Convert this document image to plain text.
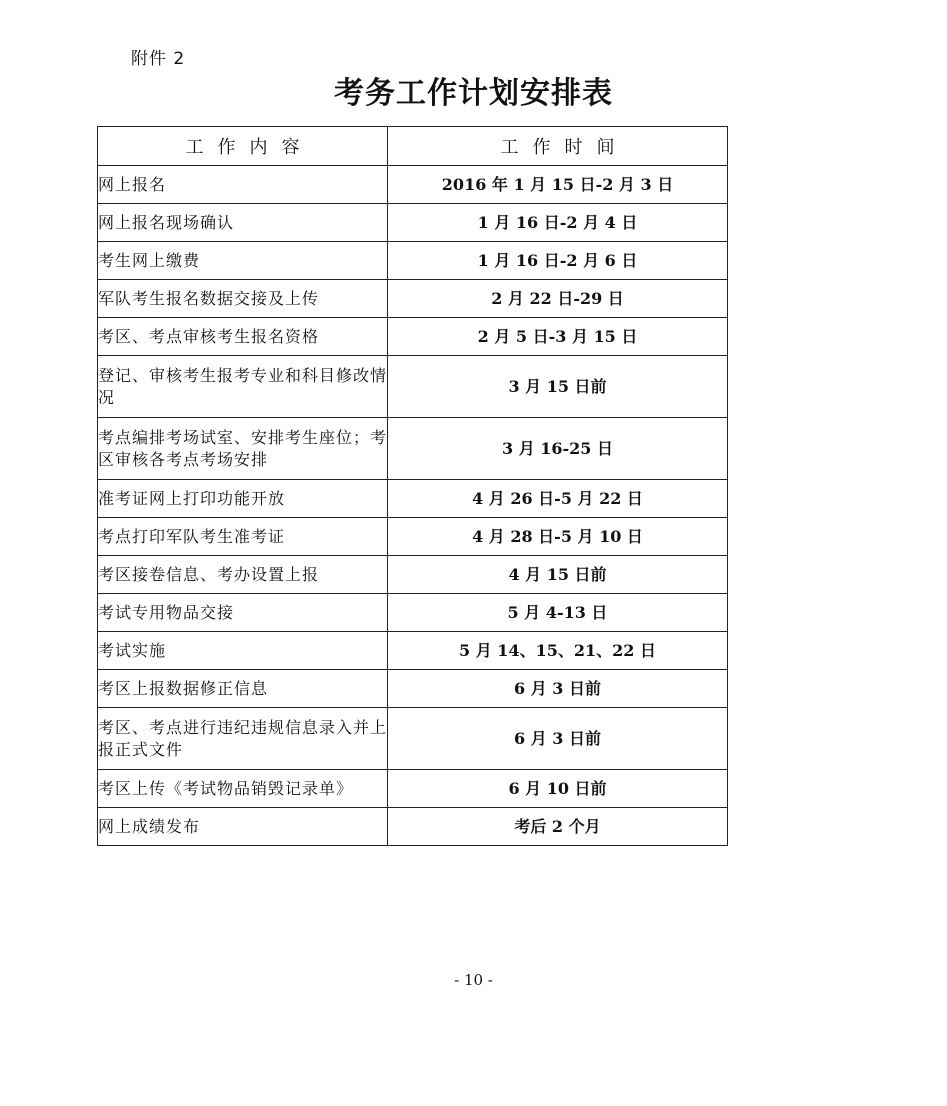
附件 2
考务工作计划安排表
工作内容	工作时间
网上报名	2016 年 1 月 15 日-2 月 3 日
网上报名现场确认	1 月 16 日-2 月 4 日
考生网上缴费	1 月 16 日-2 月 6 日
军队考生报名数据交接及上传	2 月 22 日-29 日
考区、考点审核考生报名资格	2 月 5 日-3 月 15 日
登记、审核考生报考专业和科目修改情况	3 月 15 日前
考点编排考场试室、安排考生座位；考区审核各考点考场安排	3 月 16-25 日
准考证网上打印功能开放	4 月 26 日-5 月 22 日
考点打印军队考生准考证	4 月 28 日-5 月 10 日
考区接卷信息、考办设置上报	4 月 15 日前
考试专用物品交接	5 月 4-13 日
考试实施	5 月 14、15、21、22 日
考区上报数据修正信息	6 月 3 日前
考区、考点进行违纪违规信息录入并上报正式文件	6 月 3 日前
考区上传《考试物品销毁记录单》	6 月 10 日前
网上成绩发布	考后 2 个月
- 10 -
